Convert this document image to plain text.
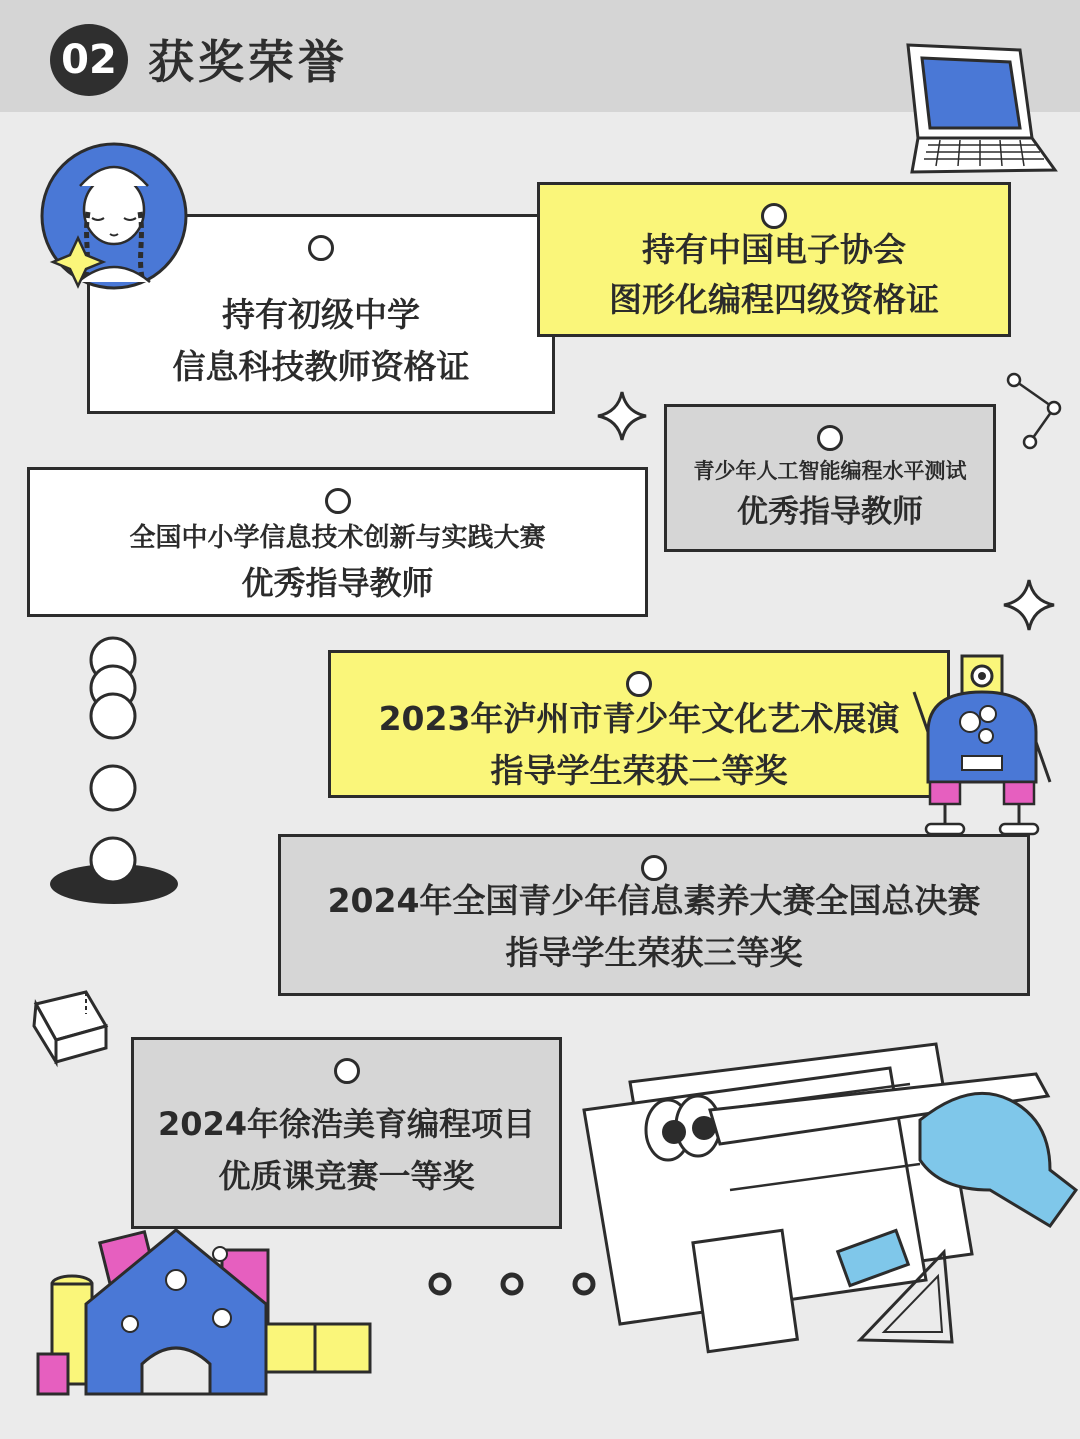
02 获奖荣誉
持有初级中学
信息科技教师资格证
持有中国电子协会
图形化编程四级资格证
青少年人工智能编程水平测试
优秀指导教师
全国中小学信息技术创新与实践大赛
优秀指导教师
2023年泸州市青少年文化艺术展演
指导学生荣获二等奖
2024年全国青少年信息素养大赛全国总决赛
指导学生荣获三等奖
2024年徐浩美育编程项目
优质课竞赛一等奖
